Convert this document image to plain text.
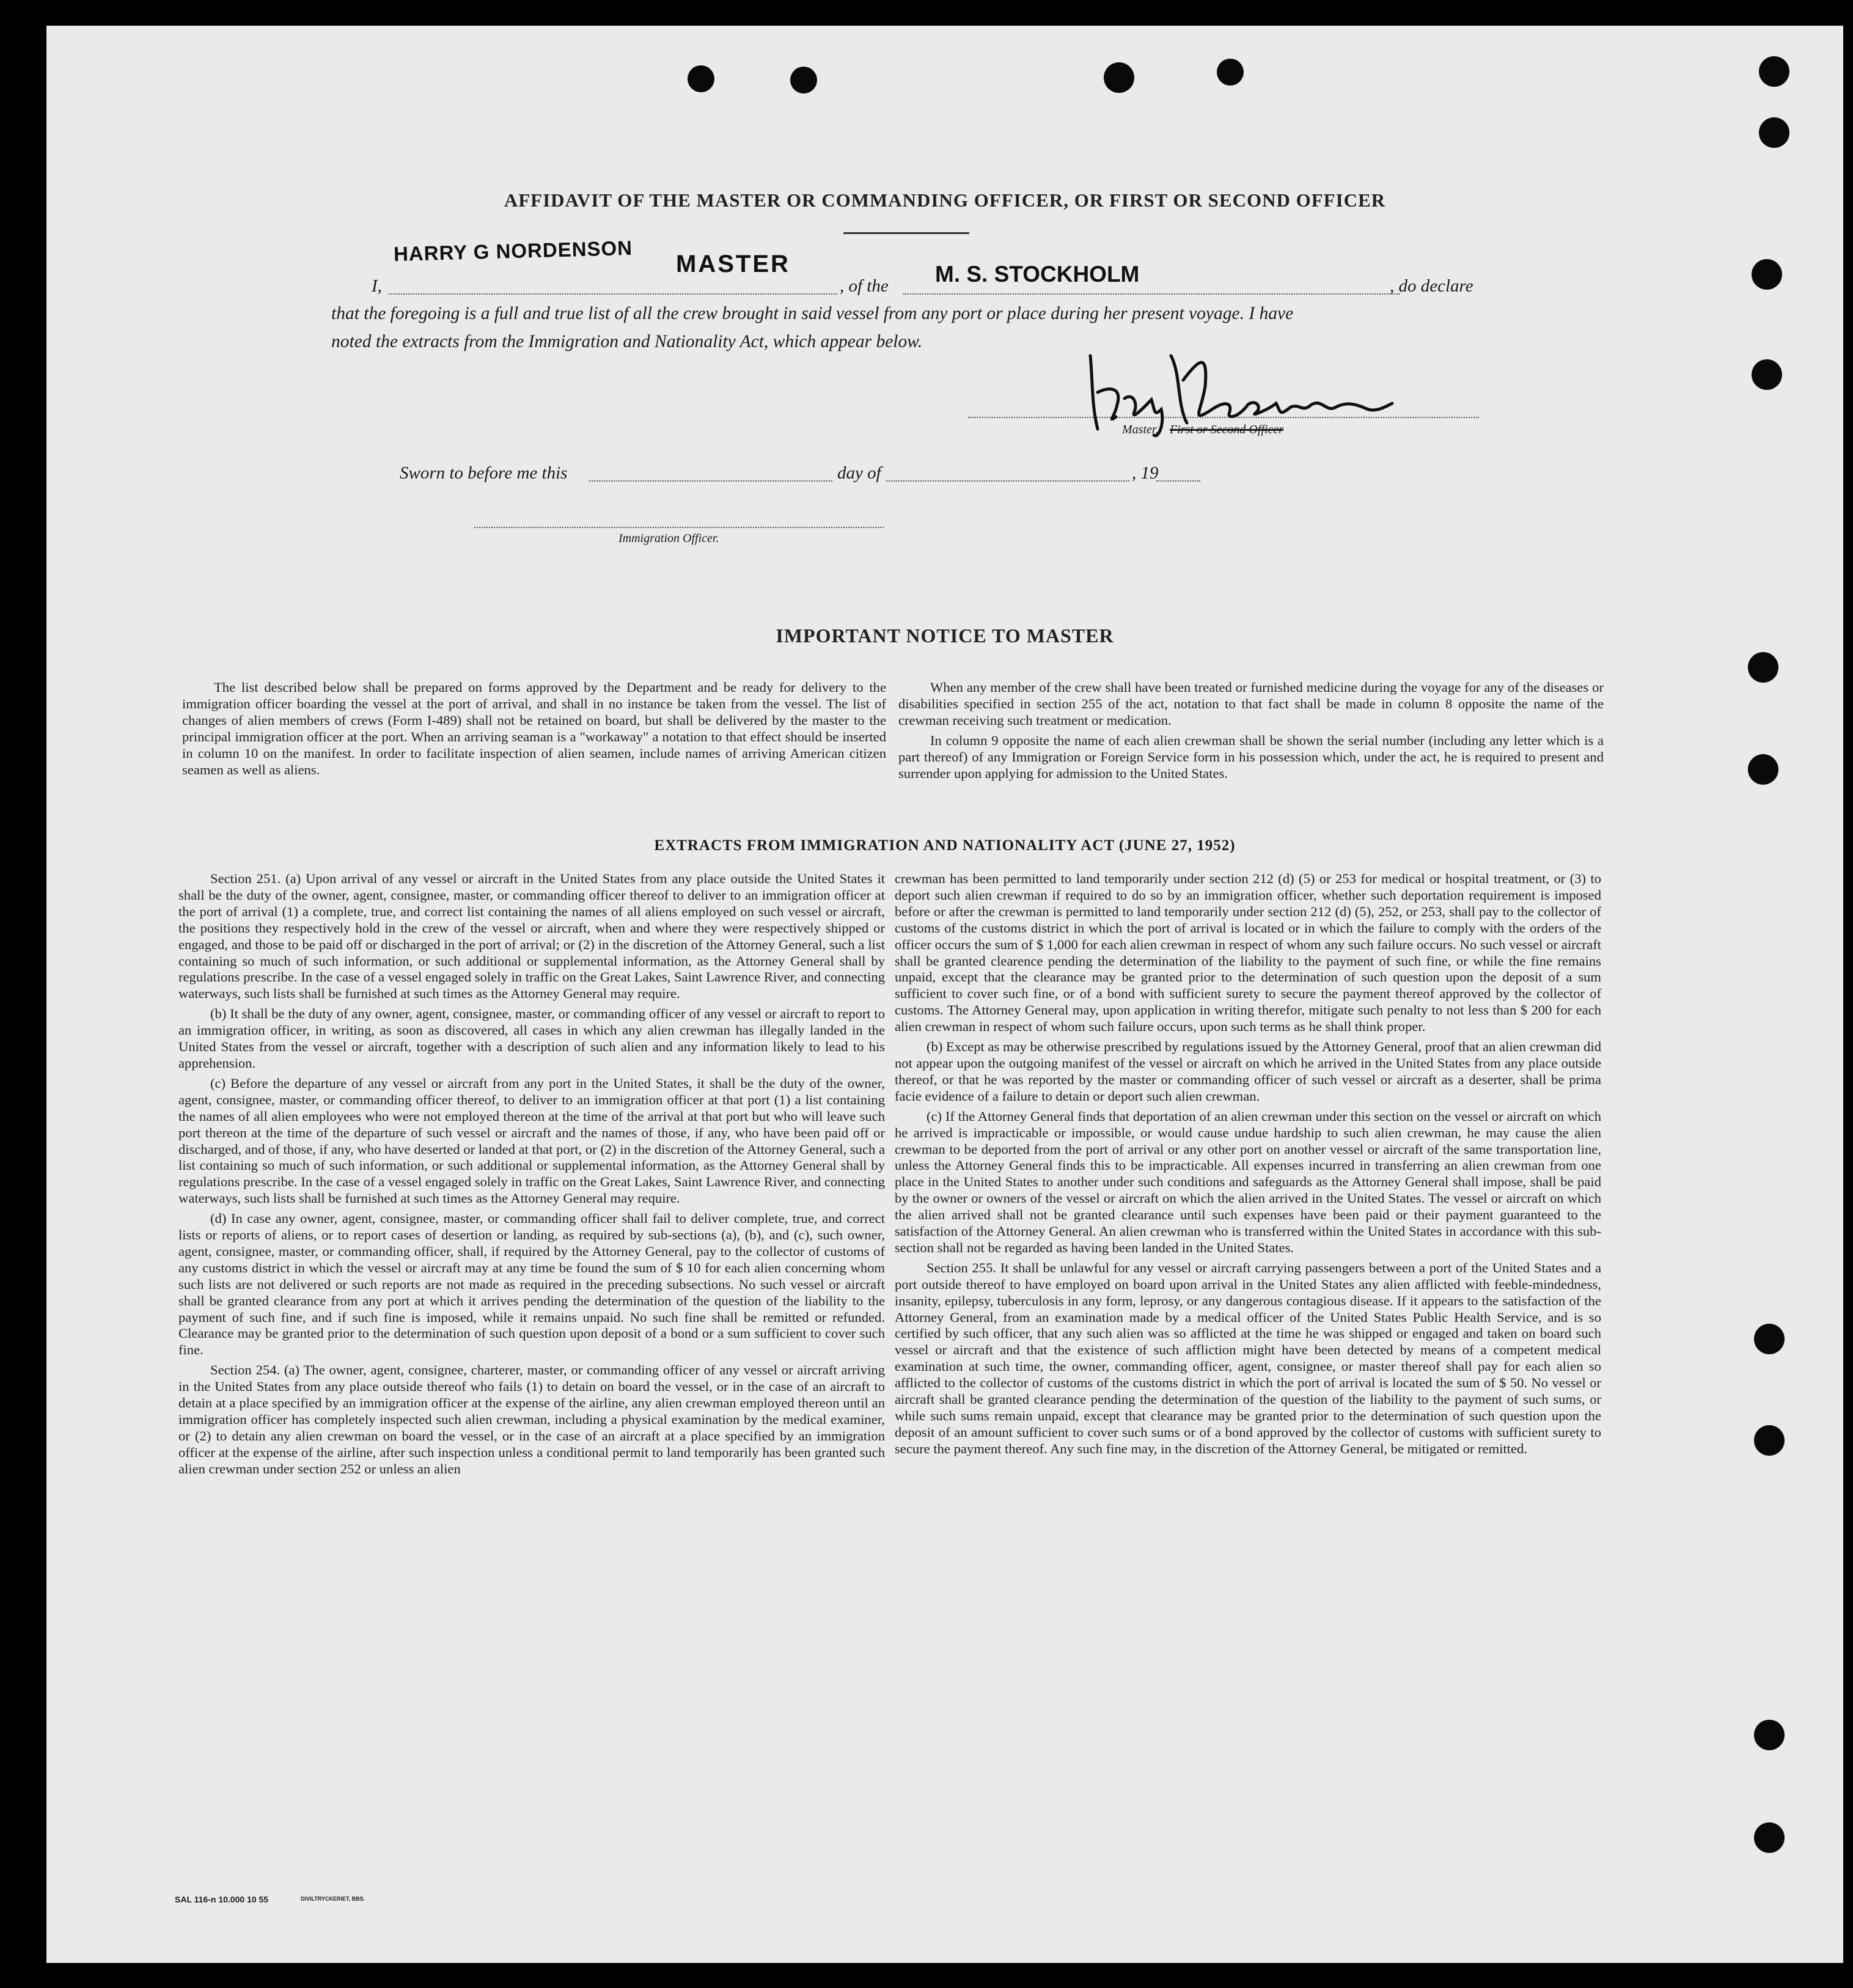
AFFIDAVIT OF THE MASTER OR COMMANDING OFFICER, OR FIRST OR SECOND OFFICER
I,
HARRY G NORDENSON MASTER
, of the M. S. STOCKHOLM	, do declare
that the foregoing is a full and true list of all the crew brought in said vessel from any port or place during her present voyage. I have
noted the extracts from the Immigration and Nationality Act, which appear below.
Master, First or Second Officer
Sworn to before me this	day of	, 19
Immigration Officer.
IMPORTANT NOTICE TO MASTER

The list described below shall be prepared on forms approved by the Department and be ready for delivery to the immigration officer boarding the vessel at the port of arrival, and shall in no instance be taken from the vessel. The list of changes of alien members of crews (Form I-489) shall not be retained on board, but shall be delivered by the master to the principal immigration officer at the port. When an arriving seaman is a "workaway" a notation to that effect should be inserted in column 10 on the manifest. In order to facilitate inspection of alien seamen, include names of arriving American citizen seamen as well as aliens.

When any member of the crew shall have been treated or furnished medicine during the voyage for any of the diseases or disabilities specified in section 255 of the act, notation to that fact shall be made in column 8 opposite the name of the crewman receiving such treatment or medication.

In column 9 opposite the name of each alien crewman shall be shown the serial number (including any letter which is a part thereof) of any Immigration or Foreign Service form in his possession which, under the act, he is required to present and surrender upon applying for admission to the United States.

EXTRACTS FROM IMMIGRATION AND NATIONALITY ACT (JUNE 27, 1952)

Section 251. (a) Upon arrival of any vessel or aircraft in the United States from any place outside the United States it shall be the duty of the owner, agent, consignee, master, or commanding officer thereof to deliver to an immigration officer at the port of arrival (1) a complete, true, and correct list containing the names of all aliens employed on such vessel or aircraft, the positions they respectively hold in the crew of the vessel or aircraft, when and where they were respectively shipped or engaged, and those to be paid off or discharged in the port of arrival; or (2) in the discretion of the Attorney General, such a list containing so much of such information, or such additional or supplemental information, as the Attorney General shall by regulations prescribe. In the case of a vessel engaged solely in traffic on the Great Lakes, Saint Lawrence River, and connecting waterways, such lists shall be furnished at such times as the Attorney General may require.

(b) It shall be the duty of any owner, agent, consignee, master, or commanding officer of any vessel or aircraft to report to an immigration officer, in writing, as soon as discovered, all cases in which any alien crewman has illegally landed in the United States from the vessel or aircraft, together with a description of such alien and any information likely to lead to his apprehension.

(c) Before the departure of any vessel or aircraft from any port in the United States, it shall be the duty of the owner, agent, consignee, master, or commanding officer thereof, to deliver to an immigration officer at that port (1) a list containing the names of all alien employees who were not employed thereon at the time of the arrival at that port but who will leave such port thereon at the time of the departure of such vessel or aircraft and the names of those, if any, who have been paid off or discharged, and of those, if any, who have deserted or landed at that port, or (2) in the discretion of the Attorney General, such a list containing so much of such information, or such additional or supplemental information, as the Attorney General shall by regulations prescribe. In the case of a vessel engaged solely in traffic on the Great Lakes, Saint Lawrence River, and connecting waterways, such lists shall be furnished at such times as the Attorney General may require.

(d) In case any owner, agent, consignee, master, or commanding officer shall fail to deliver complete, true, and correct lists or reports of aliens, or to report cases of desertion or landing, as required by sub-sections (a), (b), and (c), such owner, agent, consignee, master, or commanding officer, shall, if required by the Attorney General, pay to the collector of customs of any customs district in which the vessel or aircraft may at any time be found the sum of $ 10 for each alien concerning whom such lists are not delivered or such reports are not made as required in the preceding subsections. No such vessel or aircraft shall be granted clearance from any port at which it arrives pending the determination of the question of the liability to the payment of such fine, and if such fine is imposed, while it remains unpaid. No such fine shall be remitted or refunded. Clearance may be granted prior to the determination of such question upon deposit of a bond or a sum sufficient to cover such fine.

Section 254. (a) The owner, agent, consignee, charterer, master, or commanding officer of any vessel or aircraft arriving in the United States from any place outside thereof who fails (1) to detain on board the vessel, or in the case of an aircraft to detain at a place specified by an immigration officer at the expense of the airline, any alien crewman employed thereon until an immigration officer has completely inspected such alien crewman, including a physical examination by the medical examiner, or (2) to detain any alien crewman on board the vessel, or in the case of an aircraft at a place specified by an immigration officer at the expense of the airline, after such inspection unless a conditional permit to land temporarily has been granted such alien crewman under section 252 or unless an alien

crewman has been permitted to land temporarily under section 212 (d) (5) or 253 for medical or hospital treatment, or (3) to deport such alien crewman if required to do so by an immigration officer, whether such deportation requirement is imposed before or after the crewman is permitted to land temporarily under section 212 (d) (5), 252, or 253, shall pay to the collector of customs of the customs district in which the port of arrival is located or in which the failure to comply with the orders of the officer occurs the sum of $ 1,000 for each alien crewman in respect of whom any such failure occurs. No such vessel or aircraft shall be granted clearence pending the determination of the liability to the payment of such fine, or while the fine remains unpaid, except that the clearance may be granted prior to the determination of such question upon the deposit of a sum sufficient to cover such fine, or of a bond with sufficient surety to secure the payment thereof approved by the collector of customs. The Attorney General may, upon application in writing therefor, mitigate such penalty to not less than $ 200 for each alien crewman in respect of whom such failure occurs, upon such terms as he shall think proper.

(b) Except as may be otherwise prescribed by regulations issued by the Attorney General, proof that an alien crewman did not appear upon the outgoing manifest of the vessel or aircraft on which he arrived in the United States from any place outside thereof, or that he was reported by the master or commanding officer of such vessel or aircraft as a deserter, shall be prima facie evidence of a failure to detain or deport such alien crewman.

(c) If the Attorney General finds that deportation of an alien crewman under this section on the vessel or aircraft on which he arrived is impracticable or impossible, or would cause undue hardship to such alien crewman, he may cause the alien crewman to be deported from the port of arrival or any other port on another vessel or aircraft of the same transportation line, unless the Attorney General finds this to be impracticable. All expenses incurred in transferring an alien crewman from one place in the United States to another under such conditions and safeguards as the Attorney General shall impose, shall be paid by the owner or owners of the vessel or aircraft on which the alien arrived in the United States. The vessel or aircraft on which the alien arrived shall not be granted clearance until such expenses have been paid or their payment guaranteed to the satisfaction of the Attorney General. An alien crewman who is transferred within the United States in accordance with this sub-section shall not be regarded as having been landed in the United States.

Section 255. It shall be unlawful for any vessel or aircraft carrying passengers between a port of the United States and a port outside thereof to have employed on board upon arrival in the United States any alien afflicted with feeble-mindedness, insanity, epilepsy, tuberculosis in any form, leprosy, or any dangerous contagious disease. If it appears to the satisfaction of the Attorney General, from an examination made by a medical officer of the United States Public Health Service, and is so certified by such officer, that any such alien was so afflicted at the time he was shipped or engaged and taken on board such vessel or aircraft and that the existence of such affliction might have been detected by means of a competent medical examination at such time, the owner, commanding officer, agent, consignee, or master thereof shall pay for each alien so afflicted to the collector of customs of the customs district in which the port of arrival is located the sum of $ 50. No vessel or aircraft shall be granted clearance pending the determination of the question of the liability to the payment of such sums, or while such sums remain unpaid, except that clearance may be granted prior to the determination of such question upon the deposit of an amount sufficient to cover such sums or of a bond approved by the collector of customs with sufficient surety to secure the payment thereof. Any such fine may, in the discretion of the Attorney General, be mitigated or remitted.

SAL 116-n 10.000 10 55	DIVILTRYCKERIET, BBS.
